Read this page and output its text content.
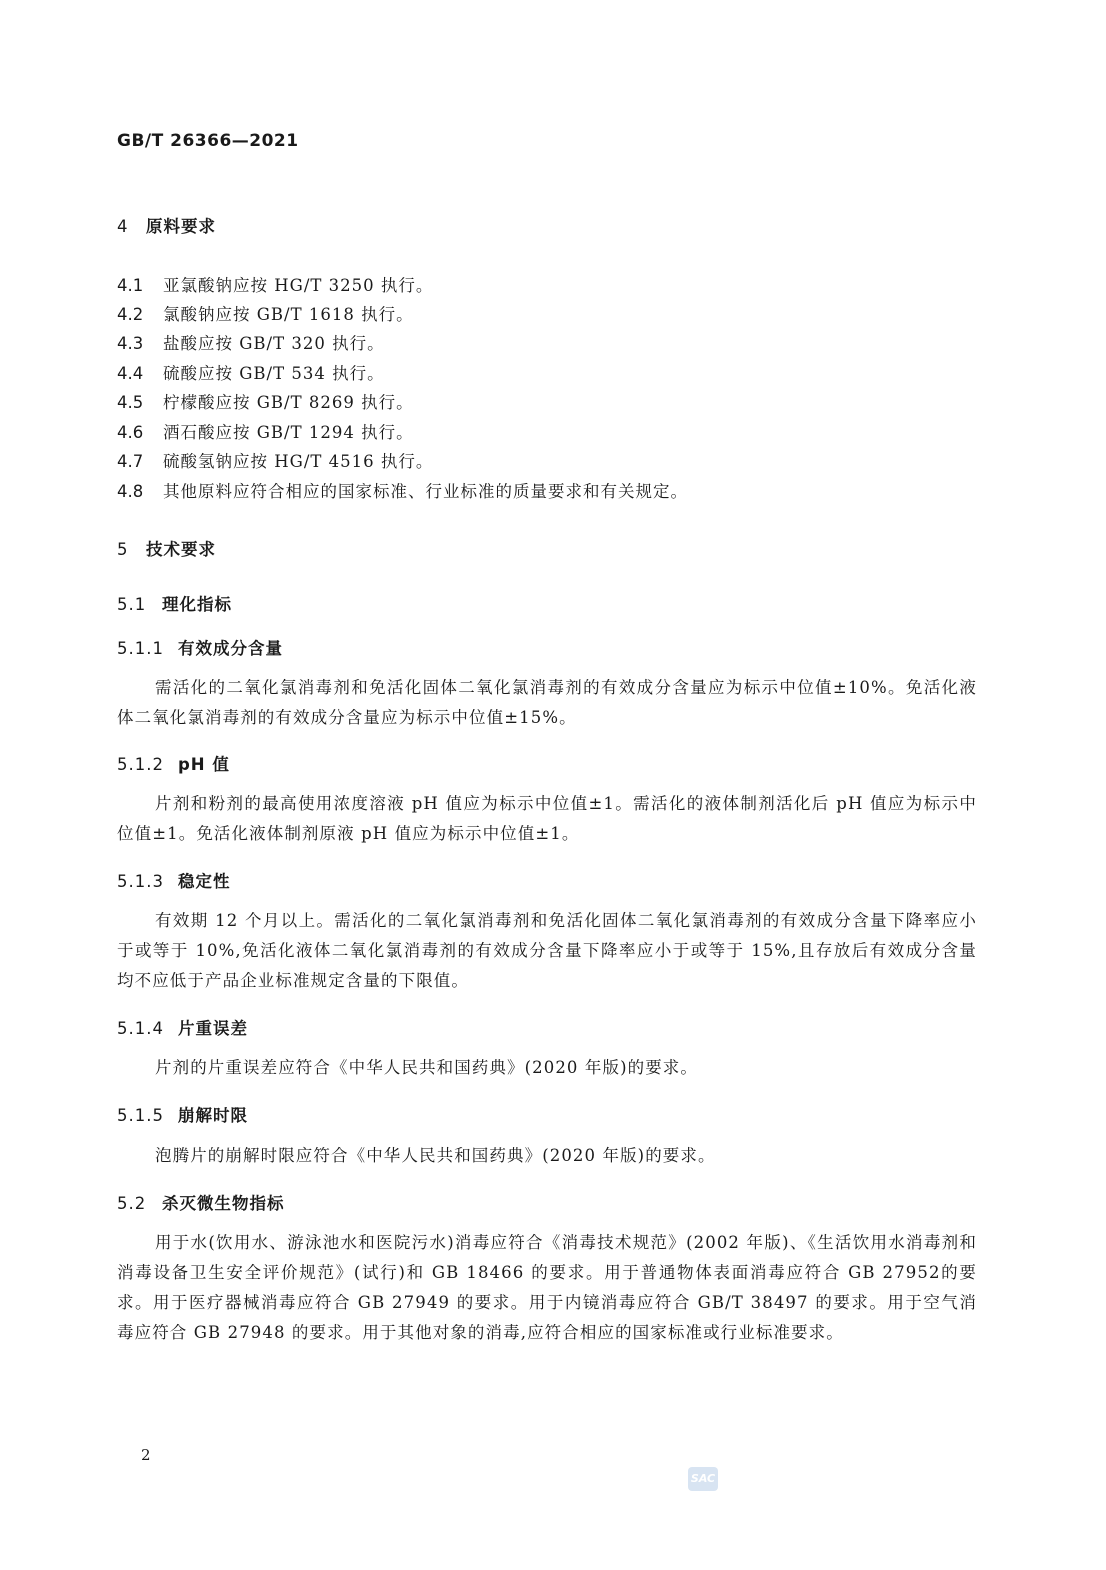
GB/T 26366—2021
4 原料要求
4.1 亚氯酸钠应按 HG/T 3250 执行。
4.2 氯酸钠应按 GB/T 1618 执行。
4.3 盐酸应按 GB/T 320 执行。
4.4 硫酸应按 GB/T 534 执行。
4.5 柠檬酸应按 GB/T 8269 执行。
4.6 酒石酸应按 GB/T 1294 执行。
4.7 硫酸氢钠应按 HG/T 4516 执行。
4.8 其他原料应符合相应的国家标准、行业标准的质量要求和有关规定。
5 技术要求
5.1 理化指标
5.1.1 有效成分含量
需活化的二氧化氯消毒剂和免活化固体二氧化氯消毒剂的有效成分含量应为标示中位值±10%。免活化液体二氧化氯消毒剂的有效成分含量应为标示中位值±15%。
5.1.2 pH 值
片剂和粉剂的最高使用浓度溶液 pH 值应为标示中位值±1。需活化的液体制剂活化后 pH 值应为标示中位值±1。免活化液体制剂原液 pH 值应为标示中位值±1。
5.1.3 稳定性
有效期 12 个月以上。需活化的二氧化氯消毒剂和免活化固体二氧化氯消毒剂的有效成分含量下降率应小于或等于 10%,免活化液体二氧化氯消毒剂的有效成分含量下降率应小于或等于 15%,且存放后有效成分含量均不应低于产品企业标准规定含量的下限值。
5.1.4 片重误差
片剂的片重误差应符合《中华人民共和国药典》(2020 年版)的要求。
5.1.5 崩解时限
泡腾片的崩解时限应符合《中华人民共和国药典》(2020 年版)的要求。
5.2 杀灭微生物指标
用于水(饮用水、游泳池水和医院污水)消毒应符合《消毒技术规范》(2002 年版)、《生活饮用水消毒剂和消毒设备卫生安全评价规范》(试行)和 GB 18466 的要求。用于普通物体表面消毒应符合 GB 27952的要求。用于医疗器械消毒应符合 GB 27949 的要求。用于内镜消毒应符合 GB/T 38497 的要求。用于空气消毒应符合 GB 27948 的要求。用于其他对象的消毒,应符合相应的国家标准或行业标准要求。
2
SAC
